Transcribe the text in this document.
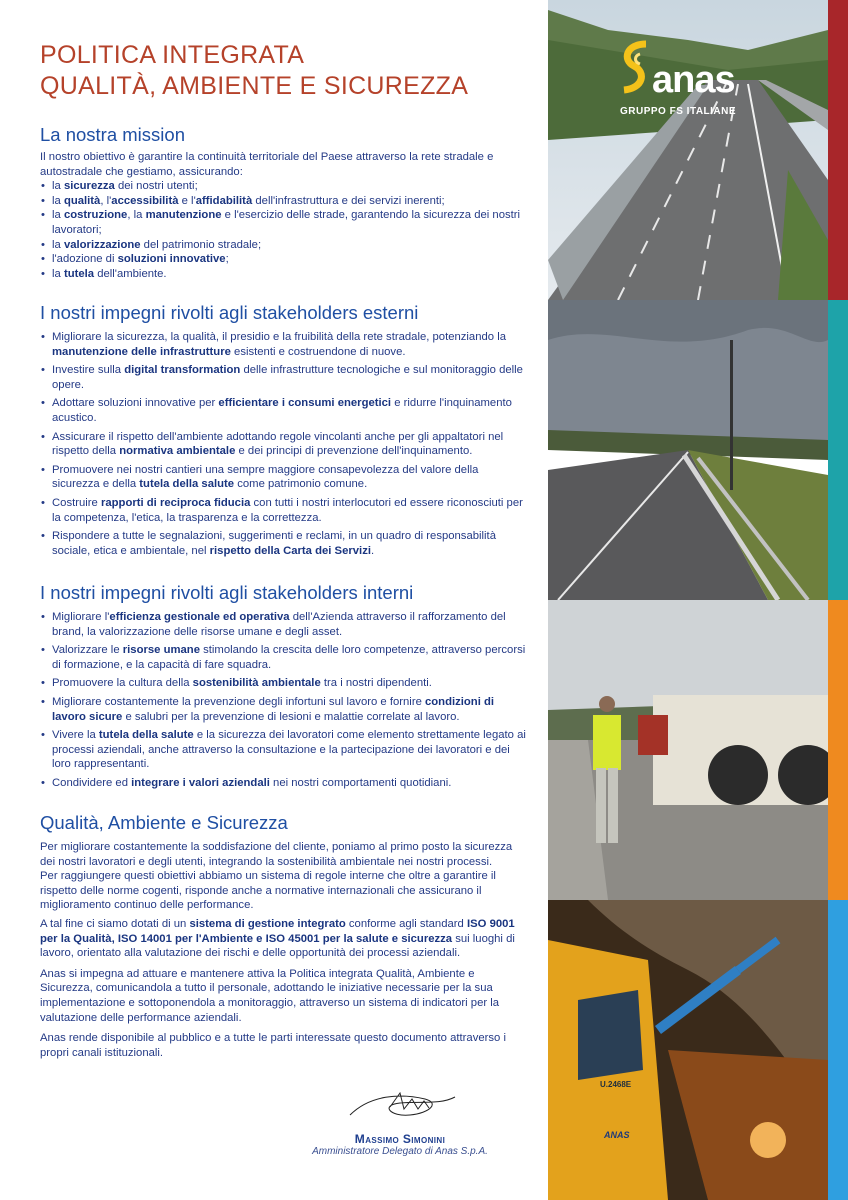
POLITICA INTEGRATA
QUALITÀ, AMBIENTE E SICUREZZA
La nostra mission

Il nostro obiettivo è garantire la continuità territoriale del Paese attraverso la rete stradale e autostradale che gestiamo, assicurando:

• la sicurezza dei nostri utenti;
• la qualità, l'accessibilità e l'affidabilità dell'infrastruttura e dei servizi inerenti;
• la costruzione, la manutenzione e l'esercizio delle strade, garantendo la sicurezza dei nostri lavoratori;
• la valorizzazione del patrimonio stradale;
• l'adozione di soluzioni innovative;
• la tutela dell'ambiente.
I nostri impegni rivolti agli stakeholders esterni
• Migliorare la sicurezza, la qualità, il presidio e la fruibilità della rete stradale, potenziando la manutenzione delle infrastrutture esistenti e costruendone di nuove.
• Investire sulla digital transformation delle infrastrutture tecnologiche e sul monitoraggio delle opere.
• Adottare soluzioni innovative per efficientare i consumi energetici e ridurre l'inquinamento acustico.
• Assicurare il rispetto dell'ambiente adottando regole vincolanti anche per gli appaltatori nel rispetto della normativa ambientale e dei principi di prevenzione dell'inquinamento.
• Promuovere nei nostri cantieri una sempre maggiore consapevolezza del valore della sicurezza e della tutela della salute come patrimonio comune.
• Costruire rapporti di reciproca fiducia con tutti i nostri interlocutori ed essere riconosciuti per la competenza, l'etica, la trasparenza e la correttezza.
• Rispondere a tutte le segnalazioni, suggerimenti e reclami, in un quadro di responsabilità sociale, etica e ambientale, nel rispetto della Carta dei Servizi.
I nostri impegni rivolti agli stakeholders interni
• Migliorare l'efficienza gestionale ed operativa dell'Azienda attraverso il rafforzamento del brand, la valorizzazione delle risorse umane e degli asset.
• Valorizzare le risorse umane stimolando la crescita delle loro competenze, attraverso percorsi di formazione, e la capacità di fare squadra.
• Promuovere la cultura della sostenibilità ambientale tra i nostri dipendenti.
• Migliorare costantemente la prevenzione degli infortuni sul lavoro e fornire condizioni di lavoro sicure e salubri per la prevenzione di lesioni e malattie correlate al lavoro.
• Vivere la tutela della salute e la sicurezza dei lavoratori come elemento strettamente legato ai processi aziendali, anche attraverso la consultazione e la partecipazione dei lavoratori e dei loro rappresentanti.
• Condividere ed integrare i valori aziendali nei nostri comportamenti quotidiani.
Qualità, Ambiente e Sicurezza

Per migliorare costantemente la soddisfazione del cliente, poniamo al primo posto la sicurezza dei nostri lavoratori e degli utenti, integrando la sostenibilità ambientale nei nostri processi.

Per raggiungere questi obiettivi abbiamo un sistema di regole interne che oltre a garantire il rispetto delle norme cogenti, risponde anche a normative internazionali che assicurano il miglioramento continuo delle performance.

A tal fine ci siamo dotati di un sistema di gestione integrato conforme agli standard ISO 9001 per la Qualità, ISO 14001 per l'Ambiente e ISO 45001 per la salute e sicurezza sui luoghi di lavoro, orientato alla valutazione dei rischi e delle opportunità dei processi aziendali.

Anas si impegna ad attuare e mantenere attiva la Politica integrata Qualità, Ambiente e Sicurezza, comunicandola a tutto il personale, adottando le iniziative necessarie per la sua implementazione e sottoponendola a monitoraggio, attraverso un sistema di indicatori per la valutazione delle performance aziendali.

Anas rende disponibile al pubblico e a tutte le parti interessate questo documento attraverso i propri canali istituzionali.

Massimo Simonini
Amministratore Delegato di Anas S.p.A.
anas
GRUPPO FS ITALIANE
U.2468E
ANAS
